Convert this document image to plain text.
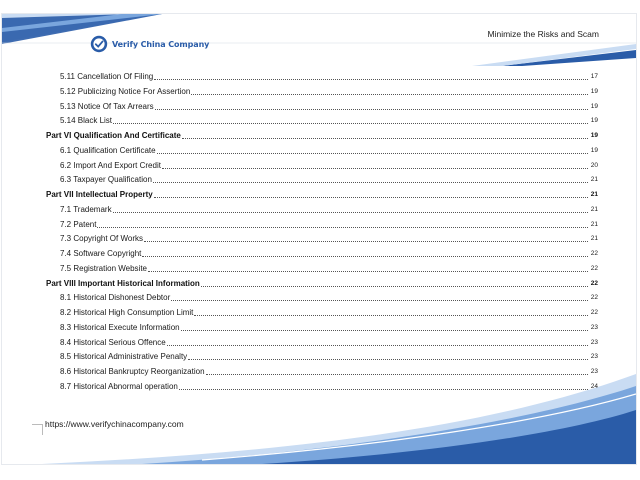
Verify China Company
Minimize the Risks and Scam
5.11 Cancellation Of Filing	17
5.12 Publicizing Notice For Assertion	19
5.13 Notice Of Tax Arrears	19
5.14 Black List	19
Part VI Qualification And Certificate	19
6.1 Qualification Certificate	19
6.2 Import And Export Credit	20
6.3 Taxpayer Qualification	21
Part VII Intellectual Property	21
7.1 Trademark	21
7.2 Patent	21
7.3 Copyright Of Works	21
7.4 Software Copyright	22
7.5 Registration Website	22
Part VIII Important Historical Information	22
8.1 Historical Dishonest Debtor	22
8.2 Historical High Consumption Limit	22
8.3 Historical Execute Information	23
8.4 Historical Serious Offence	23
8.5 Historical Administrative Penalty	23
8.6 Historical Bankruptcy Reorganization	23
8.7 Historical Abnormal operation	24
https://www.verifychinacompany.com
